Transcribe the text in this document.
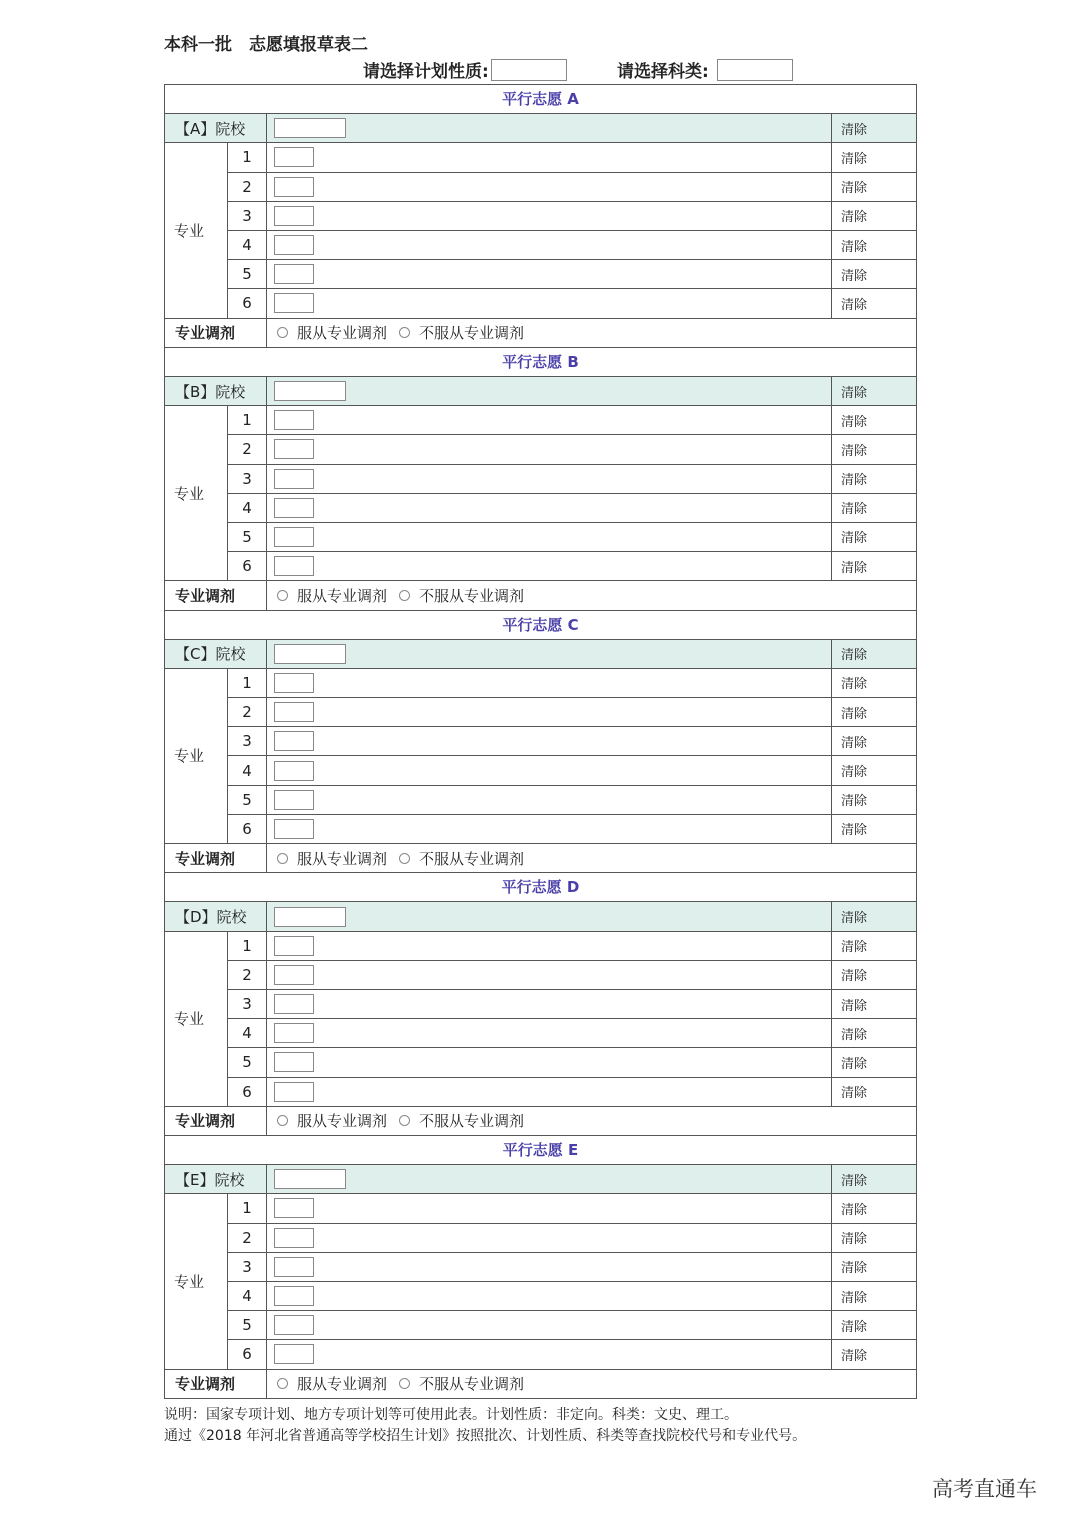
本科一批　志愿填报草表二
请选择计划性质:	请选择科类:
平行志愿 A
【A】院校	清除
专业
1	清除
2	清除
3	清除
4	清除
5	清除
6	清除
专业调剂	服从专业调剂 不服从专业调剂
平行志愿 B
【B】院校	清除
专业
1	清除
2	清除
3	清除
4	清除
5	清除
6	清除
专业调剂	服从专业调剂 不服从专业调剂
平行志愿 C
【C】院校	清除
专业
1	清除
2	清除
3	清除
4	清除
5	清除
6	清除
专业调剂	服从专业调剂 不服从专业调剂
平行志愿 D
【D】院校	清除
专业
1	清除
2	清除
3	清除
4	清除
5	清除
6	清除
专业调剂	服从专业调剂 不服从专业调剂
平行志愿 E
【E】院校	清除
专业
1	清除
2	清除
3	清除
4	清除
5	清除
6	清除
专业调剂	服从专业调剂 不服从专业调剂
说明：国家专项计划、地方专项计划等可使用此表。计划性质：非定向。科类：文史、理工。
通过《2018 年河北省普通高等学校招生计划》按照批次、计划性质、科类等查找院校代号和专业代号。
高考直通车
